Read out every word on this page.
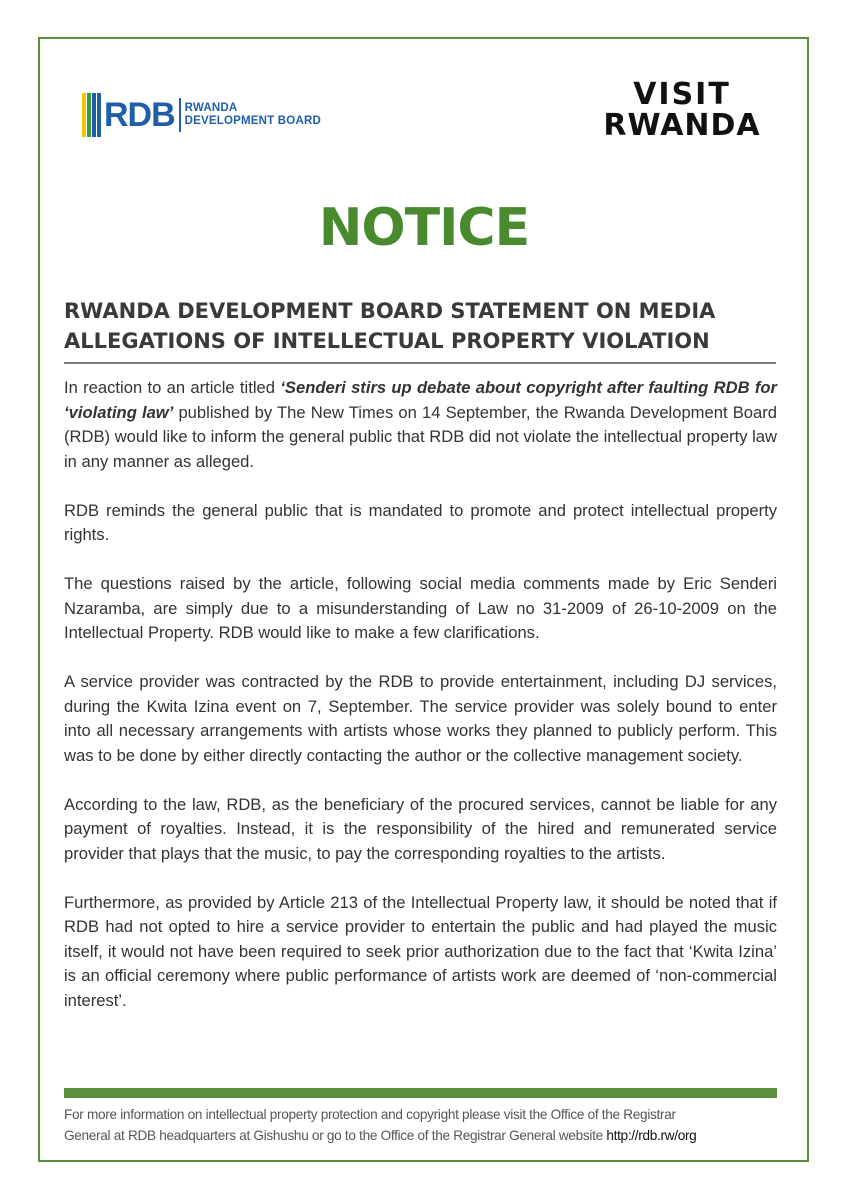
RDB RWANDA
DEVELOPMENT BOARD
VISIT
RWANDA
NOTICE
RWANDA DEVELOPMENT BOARD STATEMENT ON MEDIA
ALLEGATIONS OF INTELLECTUAL PROPERTY VIOLATION

In reaction to an article titled ‘Senderi stirs up debate about copyright after faulting RDB for ‘violating law’ published by The New Times on 14 September, the Rwanda Development Board (RDB) would like to inform the general public that RDB did not violate the intellectual property law in any manner as alleged.

RDB reminds the general public that is mandated to promote and protect intellectual property rights.

The questions raised by the article, following social media comments made by Eric Senderi Nzaramba, are simply due to a misunderstanding of Law no 31-2009 of 26-10-2009 on the Intellectual Property. RDB would like to make a few clarifications.

A service provider was contracted by the RDB to provide entertainment, including DJ services, during the Kwita Izina event on 7, September. The service provider was solely bound to enter into all necessary arrangements with artists whose works they planned to publicly perform. This was to be done by either directly contacting the author or the collective management society.

According to the law, RDB, as the beneficiary of the procured services, cannot be liable for any payment of royalties. Instead, it is the responsibility of the hired and remunerated service provider that plays that the music, to pay the corresponding royalties to the artists.

Furthermore, as provided by Article 213 of the Intellectual Property law, it should be noted that if RDB had not opted to hire a service provider to entertain the public and had played the music itself, it would not have been required to seek prior authorization due to the fact that ‘Kwita Izina’ is an official ceremony where public performance of artists work are deemed of ‘non-commercial interest’.

For more information on intellectual property protection and copyright please visit the Office of the Registrar
General at RDB headquarters at Gishushu or go to the Office of the Registrar General website http://rdb.rw/org
